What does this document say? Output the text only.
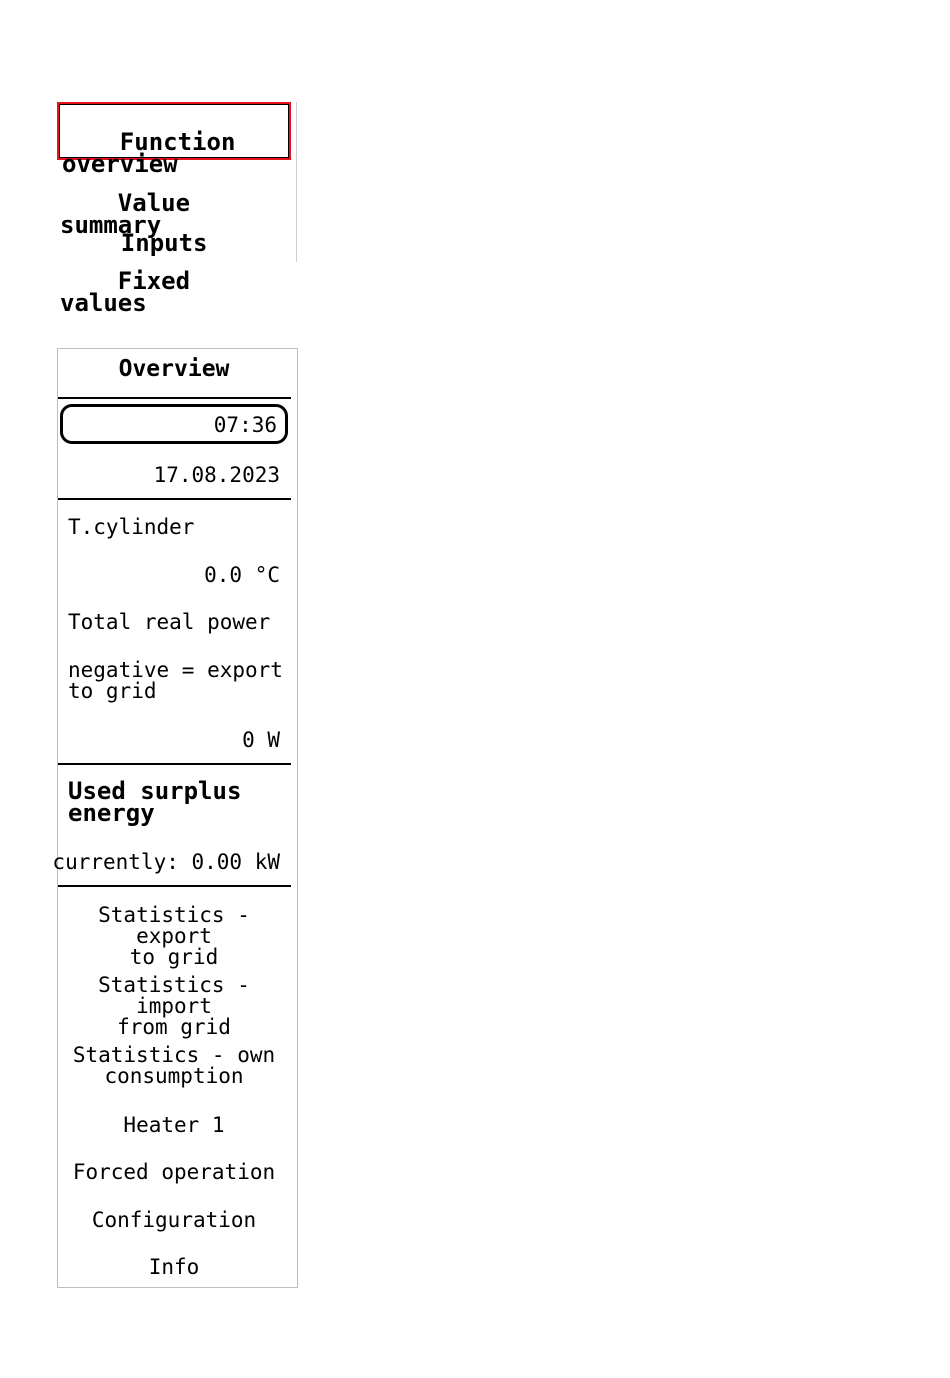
Function
overview

Value summary

Inputs

Fixed values

Overview
07:36
17.08.2023
T.cylinder
0.0 °C
Total real power
negative = export
to grid
0 W
Used surplus
energy
currently: 0.00 kW
Statistics - export
to grid
Statistics - import
from grid
Statistics - own
consumption
Heater 1
Forced operation
Configuration
Info
